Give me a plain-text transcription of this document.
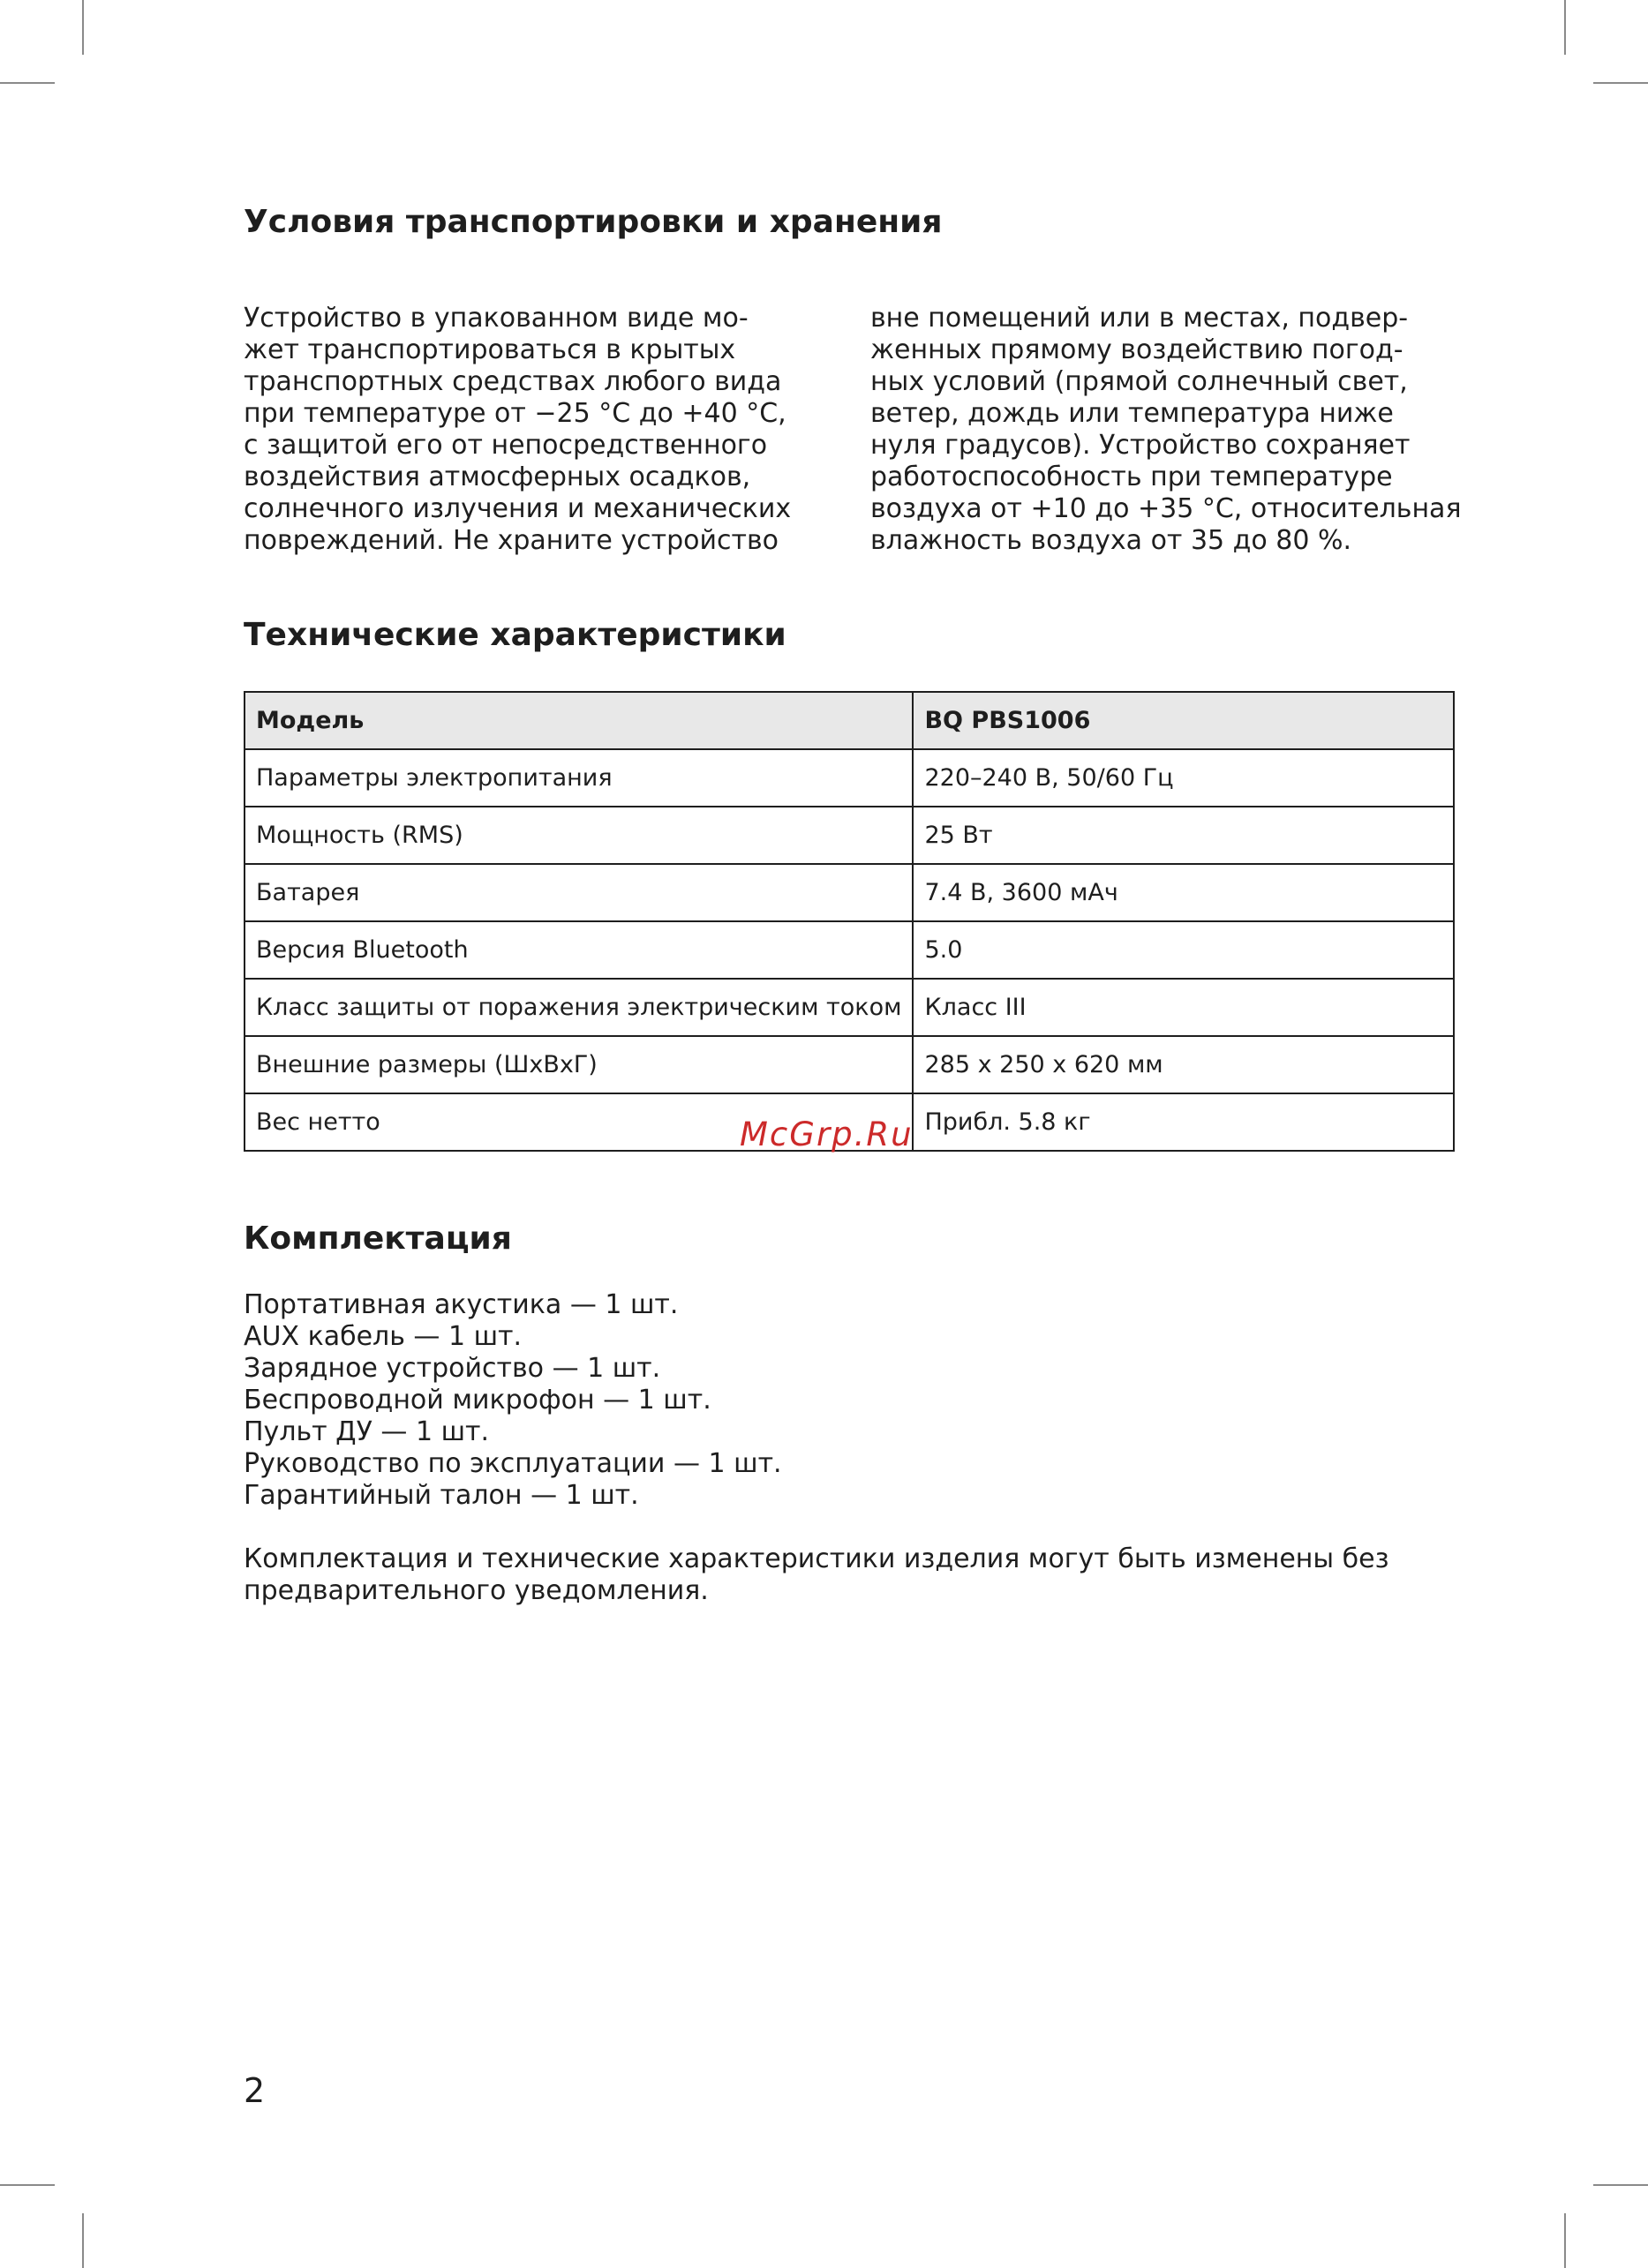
Условия транспортировки и хранения
Устройство в упакованном виде мо-
жет транспортироваться в крытых
транспортных средствах любого вида
при температуре от −25 °C до +40 °C,
с защитой его от непосредственного
воздействия атмосферных осадков,
солнечного излучения и механических
повреждений. Не храните устройство
вне помещений или в местах, подвер-
женных прямому воздействию погод-
ных условий (прямой солнечный свет,
ветер, дождь или температура ниже
нуля градусов). Устройство сохраняет
работоспособность при температуре
воздуха от +10 до +35 °C, относительная
влажность воздуха от 35 до 80 %.
Технические характеристики
Модель	BQ PBS1006
Параметры электропитания	220–240 В, 50/60 Гц
Мощность (RMS)	25 Вт
Батарея	7.4 В, 3600 мАч
Версия Bluetooth	5.0
Класс защиты от поражения электрическим током	Класс III
Внешние размеры (ШхВхГ)	285 x 250 x 620 мм
Вес нетто	Прибл. 5.8 кг
Комплектация
Портативная акустика — 1 шт.
AUX кабель — 1 шт.
Зарядное устройство — 1 шт.
Беспроводной микрофон — 1 шт.
Пульт ДУ — 1 шт.
Руководство по эксплуатации — 1 шт.
Гарантийный талон — 1 шт.
Комплектация и технические характеристики изделия могут быть изменены без
предварительного уведомления.
McGrp.Ru
2
